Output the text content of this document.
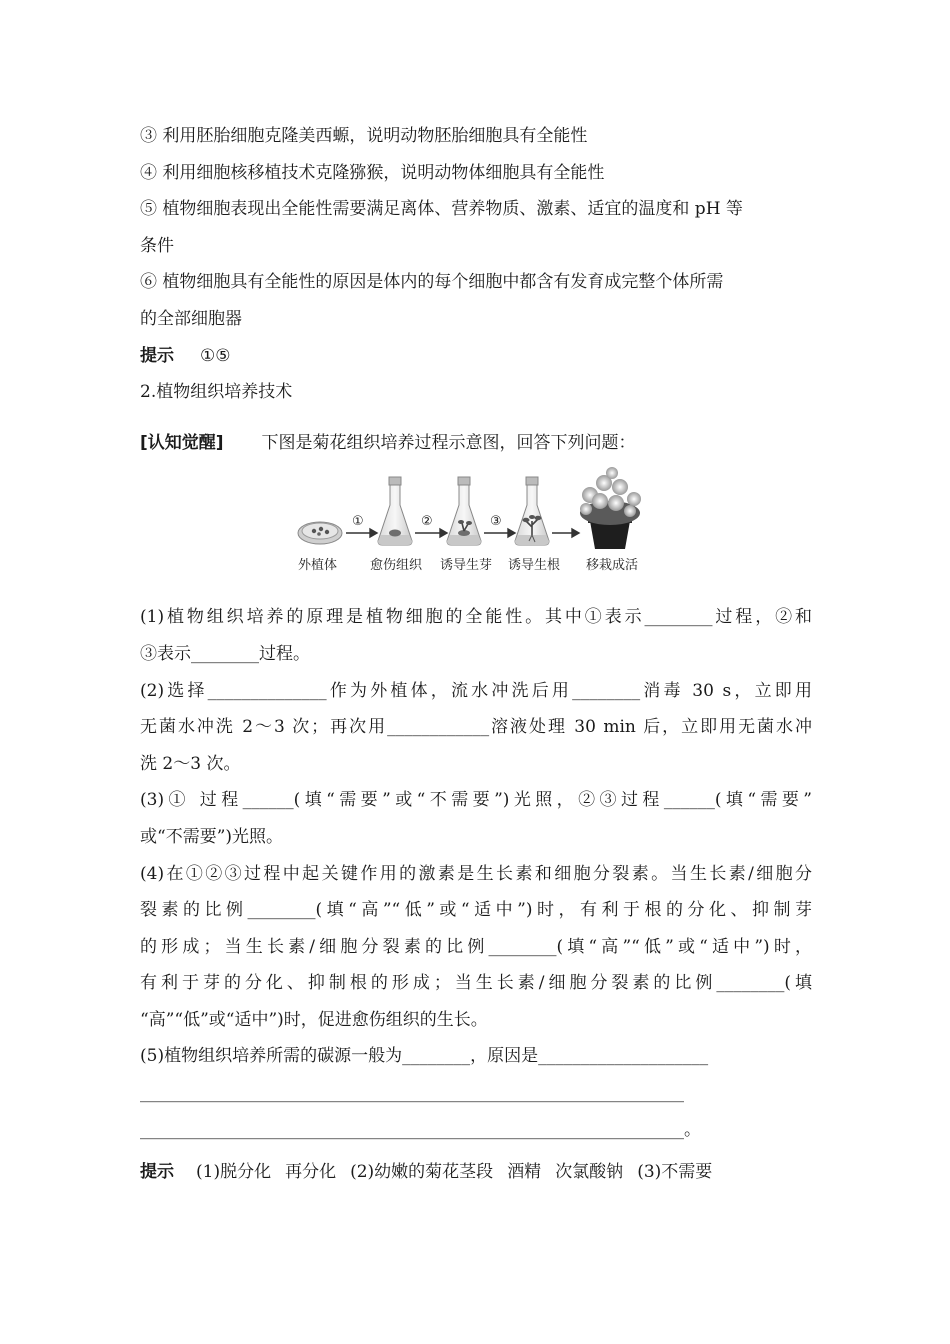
③ 利用胚胎细胞克隆美西螈，说明动物胚胎细胞具有全能性
④ 利用细胞核移植技术克隆猕猴，说明动物体细胞具有全能性
⑤ 植物细胞表现出全能性需要满足离体、营养物质、激素、适宜的温度和 pH 等
条件
⑥ 植物细胞具有全能性的原因是体内的每个细胞中都含有发育成完整个体所需
的全部细胞器
提示 ①⑤
2.植物组织培养技术
[认知觉醒] 下图是菊花组织培养过程示意图，回答下列问题：
①	②	③
外植体	愈伤组织 诱导生芽 诱导生根 移栽成活
(1)植物组织培养的原理是植物细胞的全能性。其中①表示________过程，②和
③表示________过程。
(2)选择______________作为外植体，流水冲洗后用________消毒 30 s，立即用
无菌水冲洗 2～3 次；再次用____________溶液处理 30 min 后，立即用无菌水冲
洗 2～3 次。
(3)① 过程______(填“需要”或“不需要”)光照，②③过程______(填“需要”
或“不需要”)光照。
(4)在①②③过程中起关键作用的激素是生长素和细胞分裂素。当生长素/细胞分
裂素的比例________(填“高”“低”或“适中”)时，有利于根的分化、抑制芽
的形成；当生长素/细胞分裂素的比例________(填“高”“低”或“适中”)时，
有利于芽的分化、抑制根的形成；当生长素/细胞分裂素的比例________(填
“高”“低”或“适中”)时，促进愈伤组织的生长。
(5)植物组织培养所需的碳源一般为________，原因是____________________
________________________________________________________________
________________________________________________________________。
提示 (1)脱分化 再分化 (2)幼嫩的菊花茎段 酒精 次氯酸钠 (3)不需要
